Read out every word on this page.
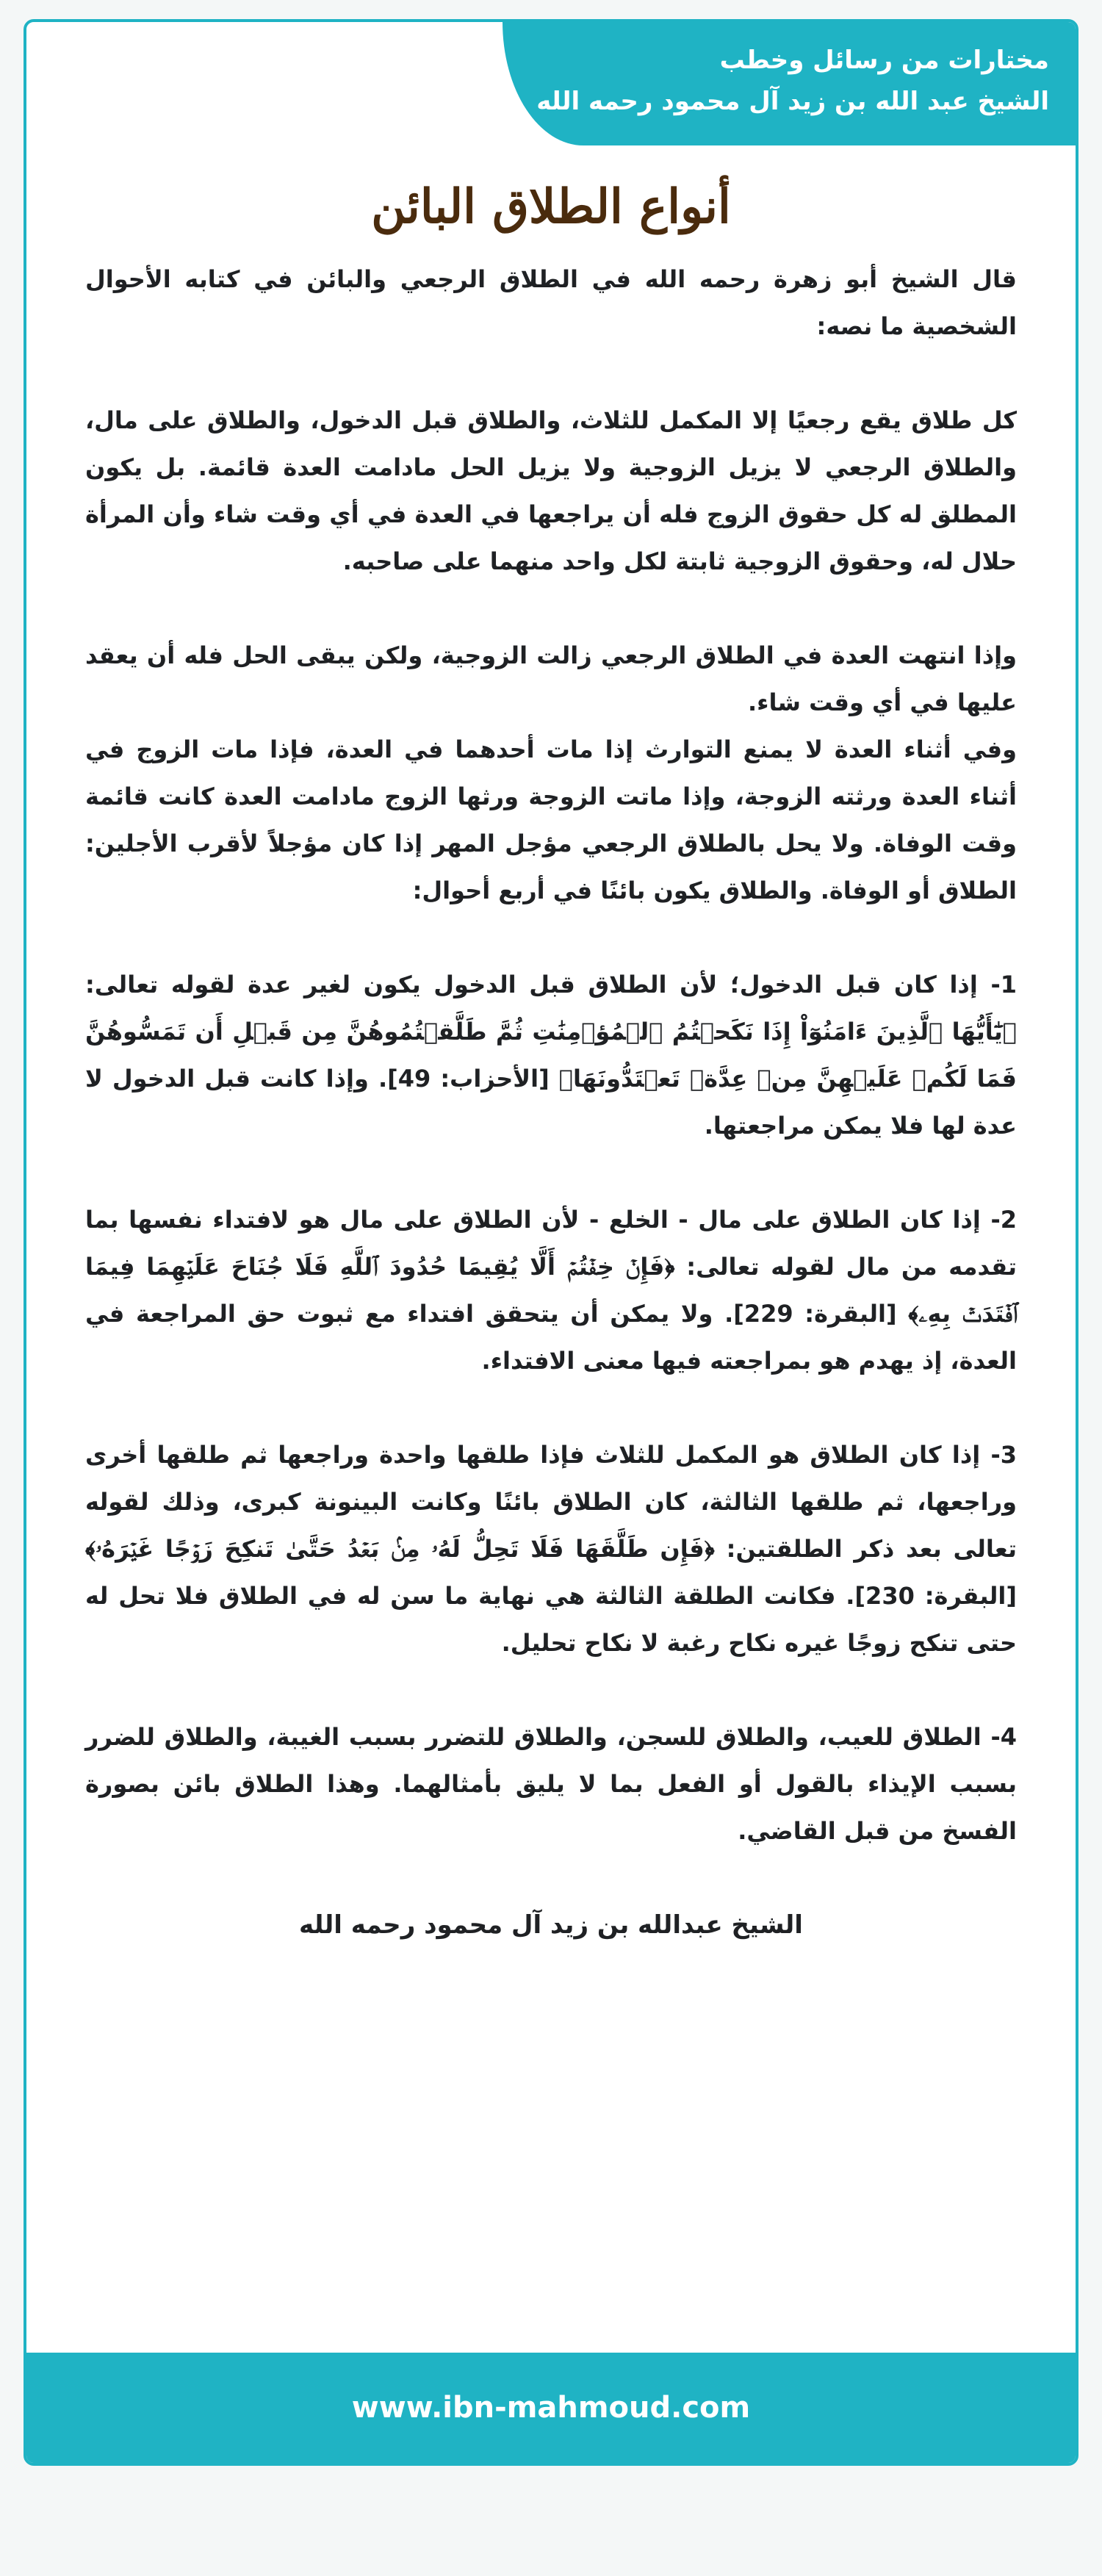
مختارات من رسائل وخطب
الشيخ عبد الله بن زيد آل محمود رحمه الله
أنواع الطلاق البائن

قال الشيخ أبو زهرة رحمه الله في الطلاق الرجعي والبائن في كتابه الأحوال الشخصية ما نصه:

كل طلاق يقع رجعيًا إلا المكمل للثلاث، والطلاق قبل الدخول، والطلاق على مال، والطلاق الرجعي لا يزيل الزوجية ولا يزيل الحل مادامت العدة قائمة. بل يكون المطلق له كل حقوق الزوج فله أن يراجعها في العدة في أي وقت شاء وأن المرأة حلال له، وحقوق الزوجية ثابتة لكل واحد منهما على صاحبه.

وإذا انتهت العدة في الطلاق الرجعي زالت الزوجية، ولكن يبقى الحل فله أن يعقد عليها في أي وقت شاء.

وفي أثناء العدة لا يمنع التوارث إذا مات أحدهما في العدة، فإذا مات الزوج في أثناء العدة ورثته الزوجة، وإذا ماتت الزوجة ورثها الزوج مادامت العدة كانت قائمة وقت الوفاة. ولا يحل بالطلاق الرجعي مؤجل المهر إذا كان مؤجلاً لأقرب الأجلين: الطلاق أو الوفاة. والطلاق يكون بائنًا في أربع أحوال:

1- إذا كان قبل الدخول؛ لأن الطلاق قبل الدخول يكون لغير عدة لقوله تعالى: ﴿يَٰٓأَيُّهَا ٱلَّذِينَ ءَامَنُوٓاْ إِذَا نَكَحۡتُمُ ٱلۡمُؤۡمِنَٰتِ ثُمَّ طَلَّقۡتُمُوهُنَّ مِن قَبۡلِ أَن تَمَسُّوهُنَّ فَمَا لَكُمۡ عَلَيۡهِنَّ مِنۡ عِدَّةٖ تَعۡتَدُّونَهَا﴾ [الأحزاب: 49]. وإذا كانت قبل الدخول لا عدة لها فلا يمكن مراجعتها.

2- إذا كان الطلاق على مال - الخلع - لأن الطلاق على مال هو لافتداء نفسها بما تقدمه من مال لقوله تعالى: ﴿فَإِنۡ خِفۡتُمۡ أَلَّا يُقِيمَا حُدُودَ ٱللَّهِ فَلَا جُنَاحَ عَلَيۡهِمَا فِيمَا ٱفۡتَدَتۡ بِهِۦ﴾ [البقرة: 229]. ولا يمكن أن يتحقق افتداء مع ثبوت حق المراجعة في العدة، إذ يهدم هو بمراجعته فيها معنى الافتداء.

3- إذا كان الطلاق هو المكمل للثلاث فإذا طلقها واحدة وراجعها ثم طلقها أخرى وراجعها، ثم طلقها الثالثة، كان الطلاق بائنًا وكانت البينونة كبرى، وذلك لقوله تعالى بعد ذكر الطلقتين: ﴿فَإِن طَلَّقَهَا فَلَا تَحِلُّ لَهُۥ مِنۢ بَعۡدُ حَتَّىٰ تَنكِحَ زَوۡجًا غَيۡرَهُۥ﴾ [البقرة: 230]. فكانت الطلقة الثالثة هي نهاية ما سن له في الطلاق فلا تحل له حتى تنكح زوجًا غيره نكاح رغبة لا نكاح تحليل.

4- الطلاق للعيب، والطلاق للسجن، والطلاق للتضرر بسبب الغيبة، والطلاق للضرر بسبب الإيذاء بالقول أو الفعل بما لا يليق بأمثالهما. وهذا الطلاق بائن بصورة الفسخ من قبل القاضي.

الشيخ عبدالله بن زيد آل محمود رحمه الله
www.ibn-mahmoud.com
